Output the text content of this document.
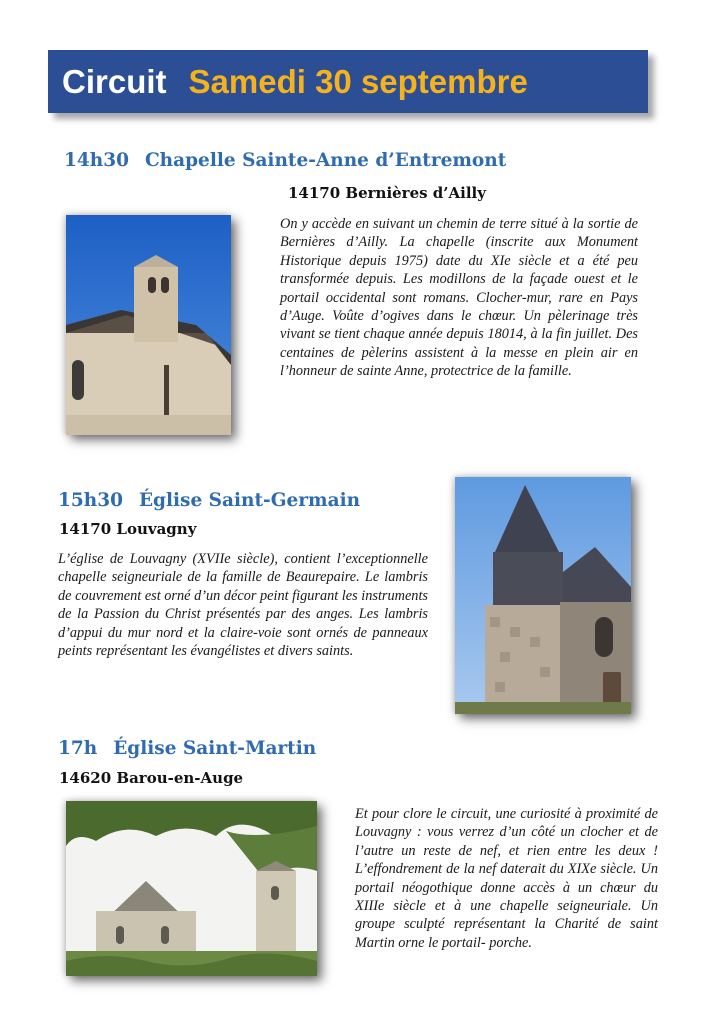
Circuit Samedi 30 septembre
14h30 Chapelle Sainte-Anne d’Entremont
14170 Bernières d’Ailly

On y accède en suivant un chemin de terre situé à la sortie de Bernières d’Ailly. La chapelle (inscrite aux Monument Historique depuis 1975) date du XIe siècle et a été peu transformée depuis. Les modillons de la façade ouest et le portail occidental sont romans. Clocher-mur, rare en Pays d’Auge. Voûte d’ogives dans le chœur. Un pèlerinage très vivant se tient chaque année depuis 18014, à la fin juillet. Des centaines de pèlerins assistent à la messe en plein air en l’honneur de sainte Anne, protectrice de la famille.

15h30 Église Saint-Germain
14170 Louvagny

L’église de Louvagny (XVIIe siècle), contient l’exceptionnelle chapelle seigneuriale de la famille de Beaurepaire. Le lambris de couvrement est orné d’un décor peint figurant les instruments de la Passion du Christ présentés par des anges. Les lambris d’appui du mur nord et la claire-voie sont ornés de panneaux peints représentant les évangélistes et divers saints.

17h Église Saint-Martin
14620 Barou-en-Auge

Et pour clore le circuit, une curiosité à proximité de Louvagny : vous verrez d’un côté un clocher et de l’autre un reste de nef, et rien entre les deux ! L’effondrement de la nef daterait du XIXe siècle. Un portail néogothique donne accès à un chœur du XIIIe siècle et à une chapelle seigneuriale. Un groupe sculpté représentant la Charité de saint Martin orne le portail- porche.
